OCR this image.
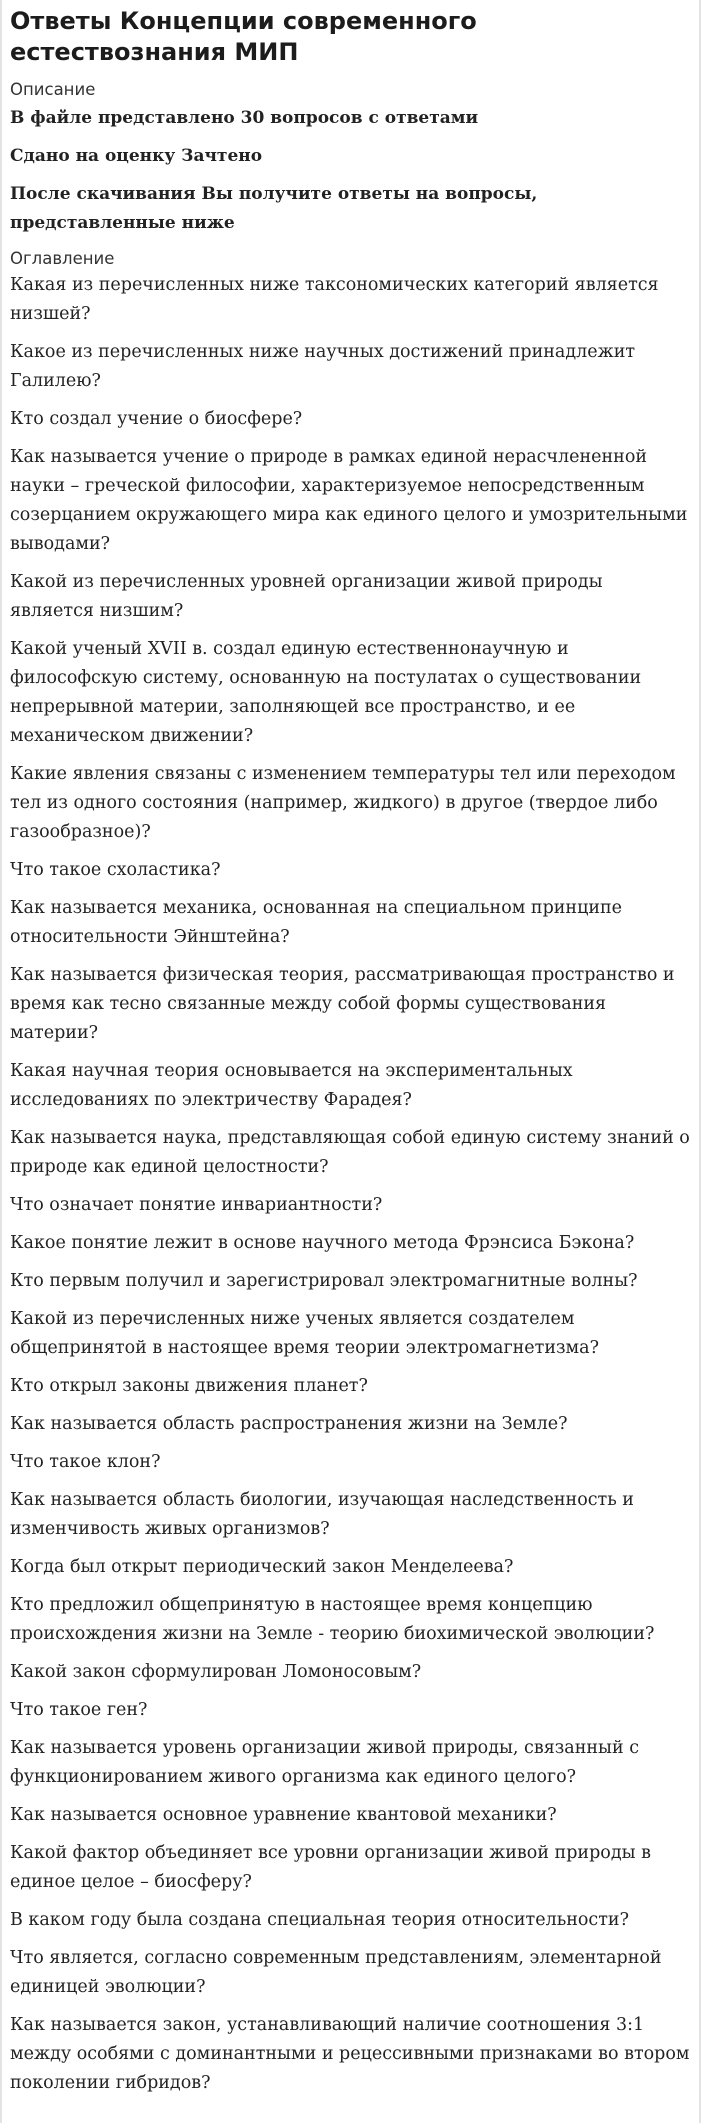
Ответы Концепции современного естествознания МИП
Описание
В файле представлено 30 вопросов с ответами
Сдано на оценку Зачтено
После скачивания Вы получите ответы на вопросы, представленные ниже
Оглавление
Какая из перечисленных ниже таксономических категорий является низшей?
Какое из перечисленных ниже научных достижений принадлежит Галилею?
Кто создал учение о биосфере?
Как называется учение о природе в рамках единой нерасчлененной науки – греческой философии, характеризуемое непосредственным созерцанием окружающего мира как единого целого и умозрительными выводами?
Какой из перечисленных уровней организации живой природы является низшим?
Какой ученый XVII в. создал единую естественнонаучную и философскую систему, основанную на постулатах о существовании непрерывной материи, заполняющей все пространство, и ее механическом движении?
Какие явления связаны с изменением температуры тел или переходом тел из одного состояния (например, жидкого) в другое (твердое либо газообразное)?
Что такое схоластика?
Как называется механика, основанная на специальном принципе относительности Эйнштейна?
Как называется физическая теория, рассматривающая пространство и время как тесно связанные между собой формы существования материи?
Какая научная теория основывается на экспериментальных исследованиях по электричеству Фарадея?
Как называется наука, представляющая собой единую систему знаний о природе как единой целостности?
Что означает понятие инвариантности?
Какое понятие лежит в основе научного метода Фрэнсиса Бэкона?
Кто первым получил и зарегистрировал электромагнитные волны?
Какой из перечисленных ниже ученых является создателем общепринятой в настоящее время теории электромагнетизма?
Кто открыл законы движения планет?
Как называется область распространения жизни на Земле?
Что такое клон?
Как называется область биологии, изучающая наследственность и изменчивость живых организмов?
Когда был открыт периодический закон Менделеева?
Кто предложил общепринятую в настоящее время концепцию происхождения жизни на Земле - теорию биохимической эволюции?
Какой закон сформулирован Ломоносовым?
Что такое ген?
Как называется уровень организации живой природы, связанный с функционированием живого организма как единого целого?
Как называется основное уравнение квантовой механики?
Какой фактор объединяет все уровни организации живой природы в единое целое – биосферу?
В каком году была создана специальная теория относительности?
Что является, согласно современным представлениям, элементарной единицей эволюции?
Как называется закон, устанавливающий наличие соотношения 3:1 между особями с доминантными и рецессивными признаками во втором поколении гибридов?
